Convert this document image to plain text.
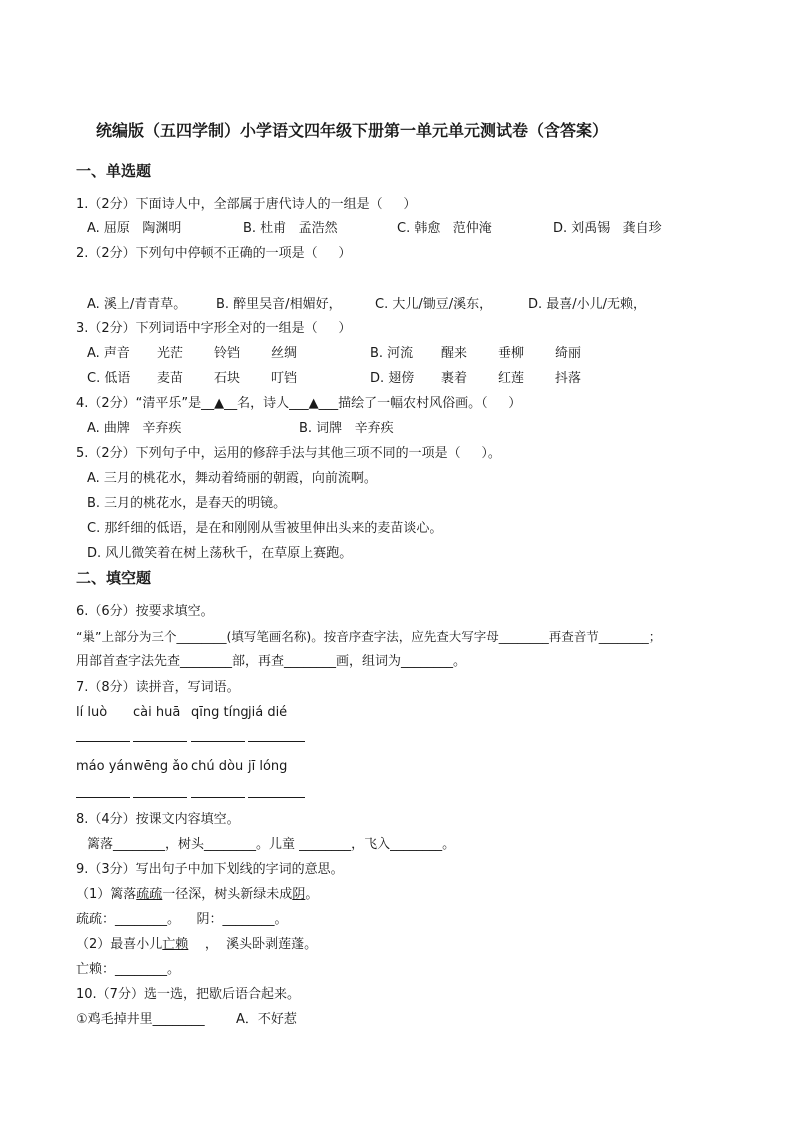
统编版（五四学制）小学语文四年级下册第一单元单元测试卷（含答案）
一、单选题
1.（2分）下面诗人中，全部属于唐代诗人的一组是（     ）
A. 屈原   陶渊明	B. 杜甫   孟浩然	C. 韩愈   范仲淹	D. 刘禹锡   龚自珍
2.（2分）下列句中停顿不正确的一项是（     ）
A. 溪上/青青草。 B. 醉里吴音/相媚好，	C. 大儿/锄豆/溪东，	D. 最喜/小儿/无赖，
3.（2分）下列词语中字形全对的一组是（     ）
A. 声音 光茫 铃铛 丝绸	B. 河流 醒来 垂柳 绮丽
C. 低语 麦苗 石块 叮铛	D. 翅傍 裹着 红莲 抖落
4.（2分）“清平乐”是__▲__名，诗人___▲___描绘了一幅农村风俗画。（     ）
A. 曲牌   辛弃疾	B. 词牌   辛弃疾
5.（2分）下列句子中，运用的修辞手法与其他三项不同的一项是（     ）。
A. 三月的桃花水，舞动着绮丽的朝霞，向前流啊。
B. 三月的桃花水，是春天的明镜。
C. 那纤细的低语，是在和刚刚从雪被里伸出头来的麦苗谈心。
D. 风儿微笑着在树上荡秋千，在草原上赛跑。
二、填空题
6.（6分）按要求填空。
“巢”上部分为三个________(填写笔画名称)。按音序查字法，应先查大写字母________再查音节________；
用部首查字法先查________部，再查________画，组词为________。
7.（8分）读拼音，写词语。
lí luò cài huā qīng tíng jiá dié
máo yán wēng ǎo chú dòu jī lóng
8.（4分）按课文内容填空。
篱落________，树头________。儿童 ________，飞入________。
9.（3分）写出句子中加下划线的字词的意思。
（1）篱落疏疏一径深，树头新绿未成阴。
疏疏：________。    阴：________。
（2）最喜小儿亡赖    ，  溪头卧剥莲蓬。
亡赖：________。
10.（7分）选一选，把歇后语合起来。
①鸡毛掉井里________ A．不好惹
